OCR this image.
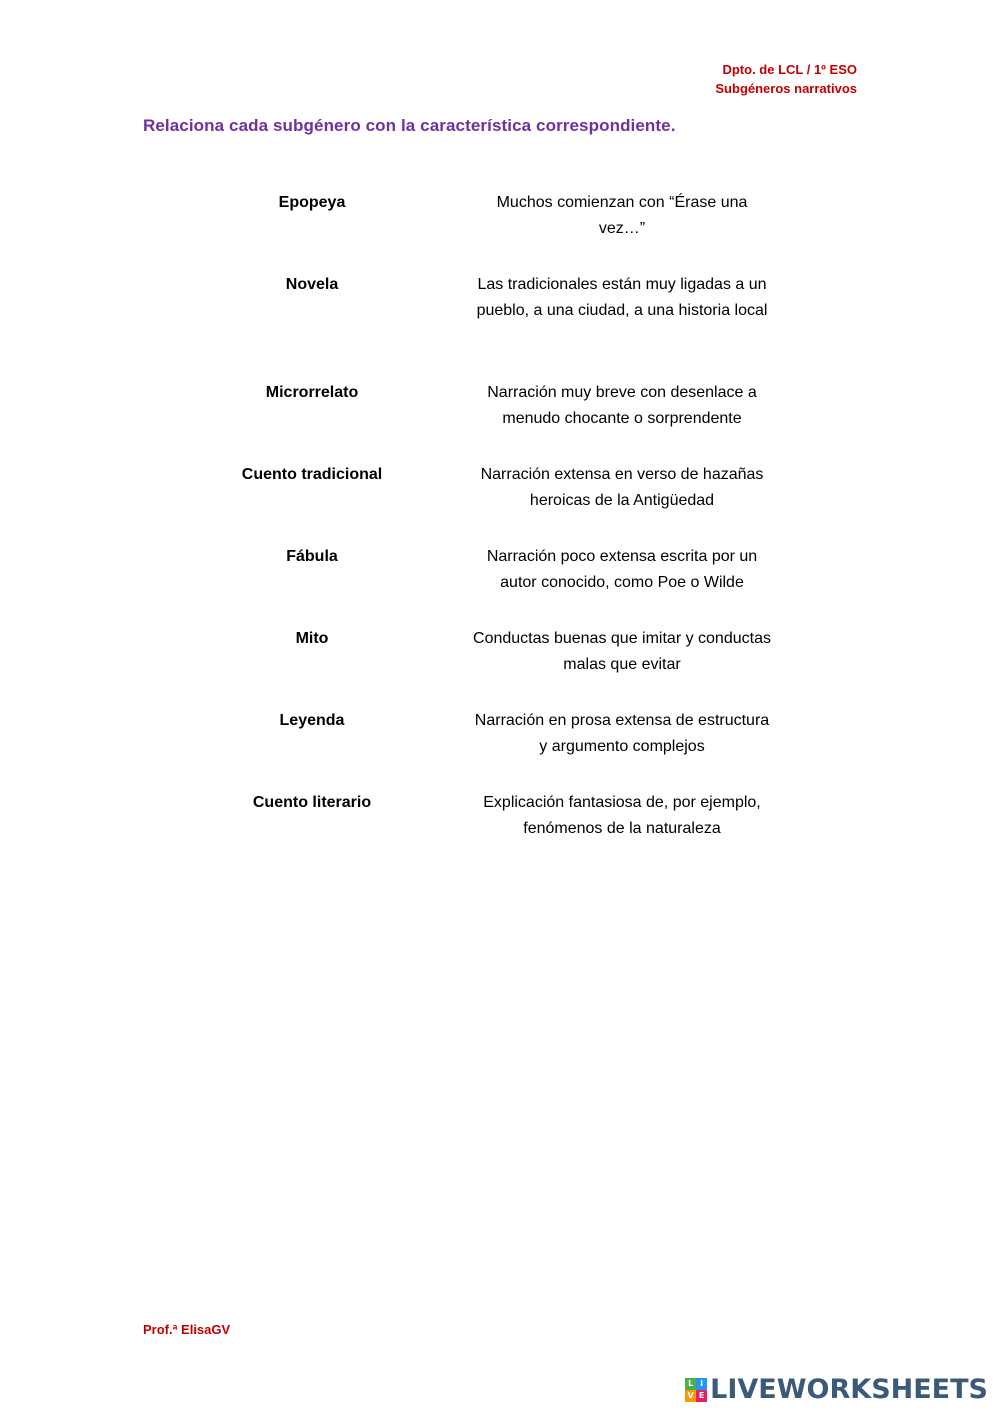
Dpto. de LCL / 1º ESO
Subgéneros narrativos
Relaciona cada subgénero con la característica correspondiente.
Epopeya	Muchos comienzan con “Érase una vez…”
Novela	Las tradicionales están muy ligadas a un pueblo, a una ciudad, a una historia local
Microrrelato	Narración muy breve con desenlace a menudo chocante o sorprendente
Cuento tradicional	Narración extensa en verso de hazañas heroicas de la Antigüedad
Fábula	Narración poco extensa escrita por un autor conocido, como Poe o Wilde
Mito	Conductas buenas que imitar y conductas malas que evitar
Leyenda	Narración en prosa extensa de estructura y argumento complejos
Cuento literario	Explicación fantasiosa de, por ejemplo, fenómenos de la naturaleza
Prof.ª ElisaGV
L I
V E LIVEWORKSHEETS
